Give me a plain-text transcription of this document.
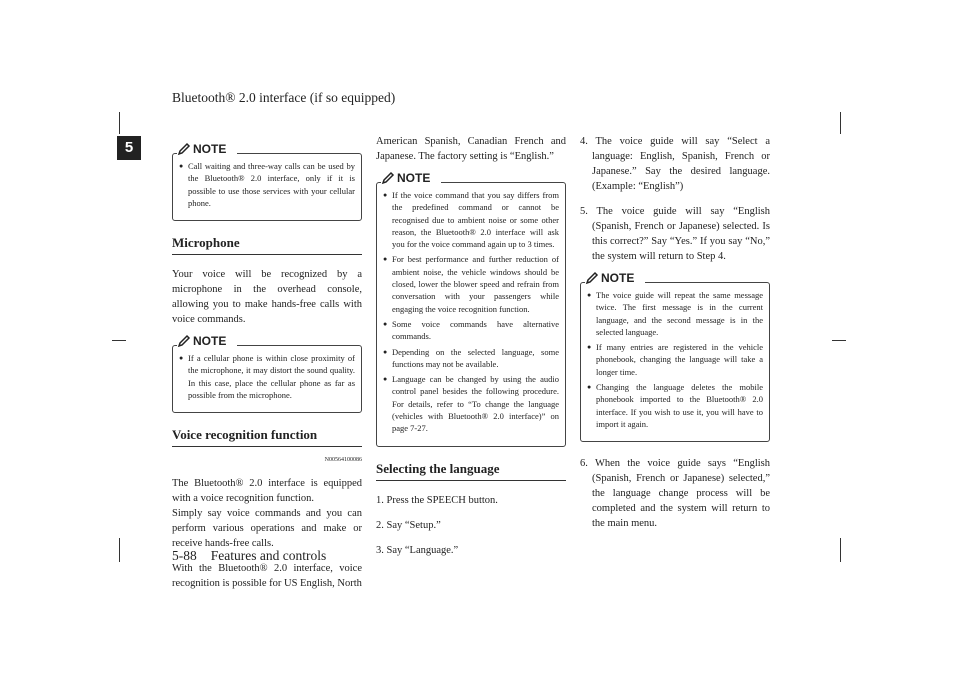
Bluetooth® 2.0 interface (if so equipped)
5
5-88 Features and controls
NOTE
● Call waiting and three-way calls can be used by the Bluetooth® 2.0 interface, only if it is possible to use those services with your cellular phone.
Microphone

Your voice will be recognized by a microphone in the overhead console, allowing you to make hands-free calls with voice commands.

NOTE
● If a cellular phone is within close proximity of the microphone, it may distort the sound quality. In this case, place the cellular phone as far as possible from the microphone.
Voice recognition function
N00564100086

The Bluetooth® 2.0 interface is equipped with a voice recognition function.
Simply say voice commands and you can perform various operations and make or receive hands-free calls.

With the Bluetooth® 2.0 interface, voice recognition is possible for US English, North

American Spanish, Canadian French and Japanese. The factory setting is “English.”

NOTE
● If the voice command that you say differs from the predefined command or cannot be recognised due to ambient noise or some other reason, the Bluetooth® 2.0 interface will ask you for the voice command again up to 3 times.
● For best performance and further reduction of ambient noise, the vehicle windows should be closed, lower the blower speed and refrain from conversation with your passengers while engaging the voice recognition function.
● Some voice commands have alternative commands.
● Depending on the selected language, some functions may not be available.
● Language can be changed by using the audio control panel besides the following procedure. For details, refer to “To change the language (vehicles with Bluetooth® 2.0 interface)” on page 7-27.
Selecting the language

1. Press the SPEECH button.

2. Say “Setup.”

3. Say “Language.”

4. The voice guide will say “Select a language: English, Spanish, French or Japanese.” Say the desired language. (Example: “English”)

5. The voice guide will say “English (Spanish, French or Japanese) selected. Is this correct?” Say “Yes.” If you say “No,” the system will return to Step 4.

NOTE
● The voice guide will repeat the same message twice. The first message is in the current language, and the second message is in the selected language.
● If many entries are registered in the vehicle phonebook, changing the language will take a longer time.
● Changing the language deletes the mobile phonebook imported to the Bluetooth® 2.0 interface. If you wish to use it, you will have to import it again.

6. When the voice guide says “English (Spanish, French or Japanese) selected,” the language change process will be completed and the system will return to the main menu.
